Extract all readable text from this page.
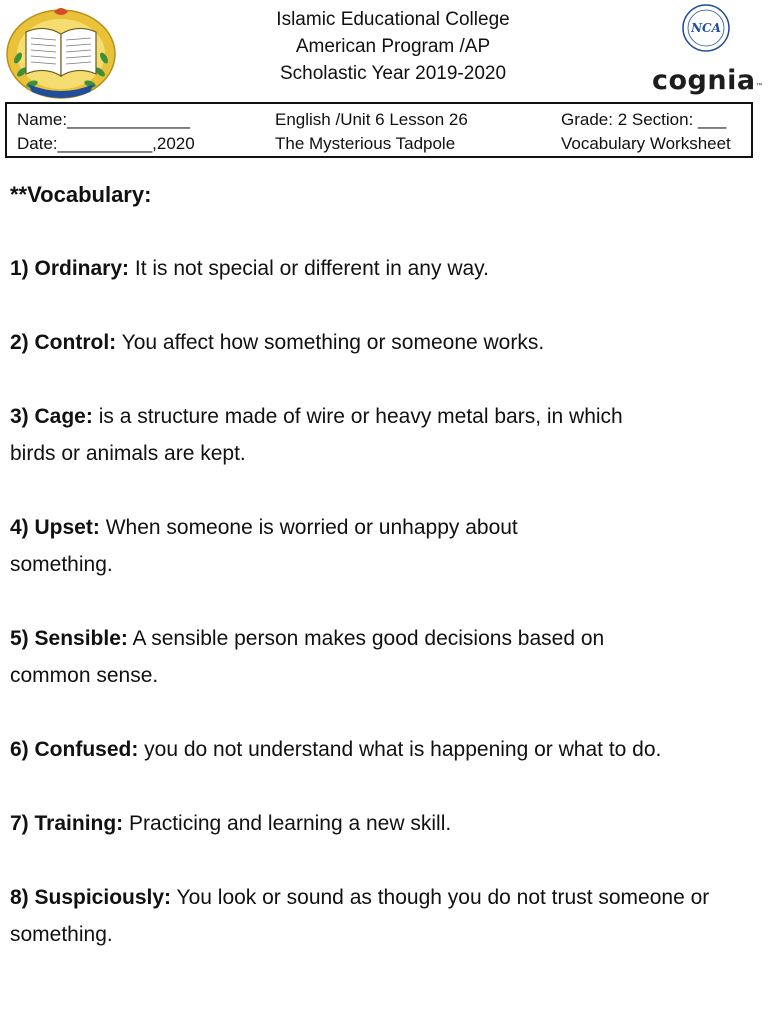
Islamic Educational College
American Program /AP
Scholastic Year 2019-2020
NCA
cognia™
Name:_____________
Date:__________,2020
English /Unit 6 Lesson 26
The Mysterious Tadpole
Grade: 2 Section: ___
Vocabulary Worksheet
**Vocabulary:
1) Ordinary: It is not special or different in any way.
2) Control: You affect how something or someone works.
3) Cage: is a structure made of wire or heavy metal bars, in which birds or animals are kept.
4) Upset: When someone is worried or unhappy about something.
5) Sensible: A sensible person makes good decisions based on common sense.
6) Confused: you do not understand what is happening or what to do.
7) Training: Practicing and learning a new skill.
8) Suspiciously: You look or sound as though you do not trust someone or something.
